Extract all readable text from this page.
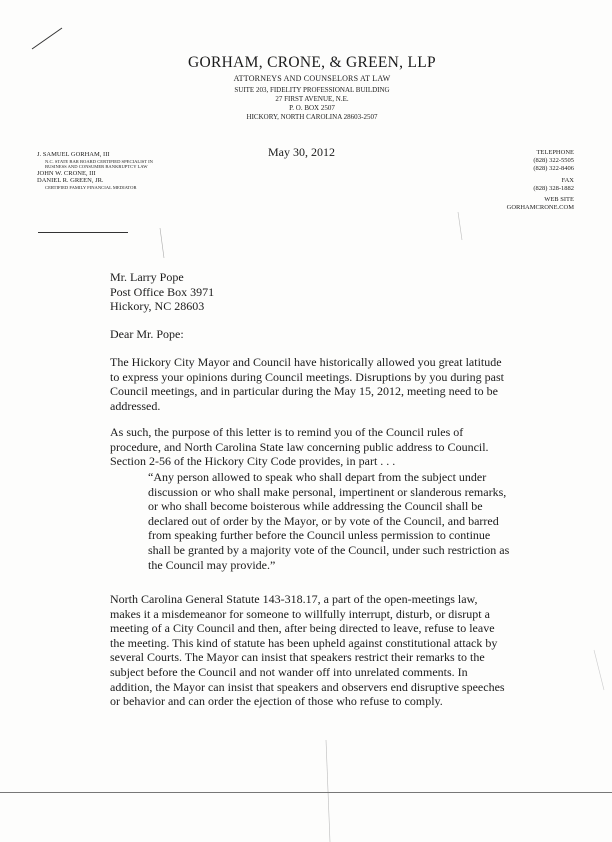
GORHAM, CRONE, & GREEN, LLP
ATTORNEYS AND COUNSELORS AT LAW
SUITE 203, FIDELITY PROFESSIONAL BUILDING
27 FIRST AVENUE, N.E.
P. O. BOX 2507
HICKORY, NORTH CAROLINA 28603-2507
J. SAMUEL GORHAM, III
N.C. STATE BAR BOARD CERTIFIED SPECIALIST IN
BUSINESS AND CONSUMER BANKRUPTCY LAW
JOHN W. CRONE, III
DANIEL R. GREEN, JR.
CERTIFIED FAMILY FINANCIAL MEDIATOR
May 30, 2012	TELEPHONE
(828) 322-5505
(828) 322-8406
FAX
(828) 328-1882
WEB SITE
GORHAMCRONE.COM
Mr. Larry Pope
Post Office Box 3971
Hickory, NC 28603
Dear Mr. Pope:
The Hickory City Mayor and Council have historically allowed you great latitude to express your opinions during Council meetings. Disruptions by you during past Council meetings, and in particular during the May 15, 2012, meeting need to be addressed.
As such, the purpose of this letter is to remind you of the Council rules of procedure, and North Carolina State law concerning public address to Council. Section 2-56 of the Hickory City Code provides, in part . . .
“Any person allowed to speak who shall depart from the subject under discussion or who shall make personal, impertinent or slanderous remarks, or who shall become boisterous while addressing the Council shall be declared out of order by the Mayor, or by vote of the Council, and barred from speaking further before the Council unless permission to continue shall be granted by a majority vote of the Council, under such restriction as the Council may provide.”
North Carolina General Statute 143-318.17, a part of the open-meetings law, makes it a misdemeanor for someone to willfully interrupt, disturb, or disrupt a meeting of a City Council and then, after being directed to leave, refuse to leave the meeting. This kind of statute has been upheld against constitutional attack by several Courts. The Mayor can insist that speakers restrict their remarks to the subject before the Council and not wander off into unrelated comments. In addition, the Mayor can insist that speakers and observers end disruptive speeches or behavior and can order the ejection of those who refuse to comply.
